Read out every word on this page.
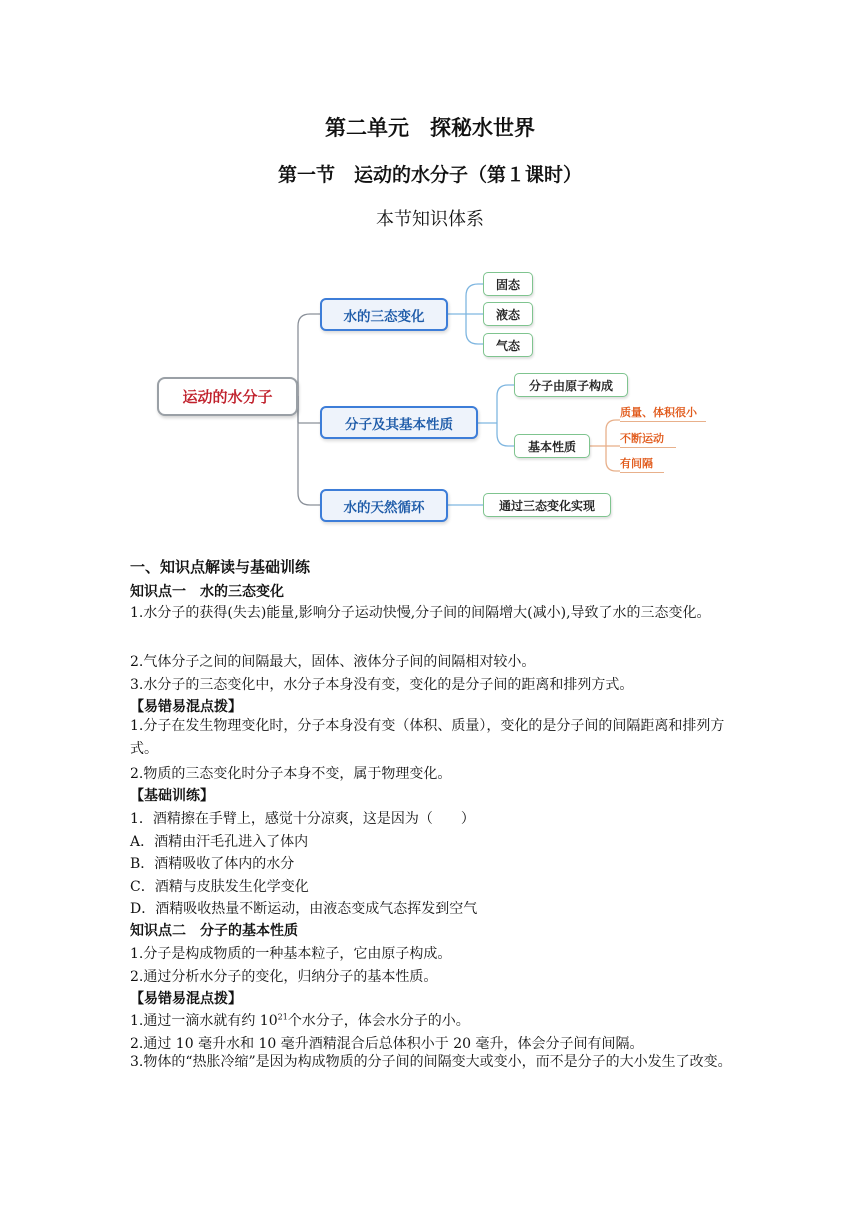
第二单元　探秘水世界
第一节　运动的水分子（第１课时）
本节知识体系
运动的水分子
水的三态变化
分子及其基本性质
水的天然循环
固态
液态
气态
分子由原子构成
基本性质
质量、体积很小
不断运动
有间隔
通过三态变化实现
一、知识点解读与基础训练
知识点一　水的三态变化
1.水分子的获得(失去)能量,影响分子运动快慢,分子间的间隔增大(减小),导致了水的三态变化。
2.气体分子之间的间隔最大，固体、液体分子间的间隔相对较小。
3.水分子的三态变化中，水分子本身没有变，变化的是分子间的距离和排列方式。
【易错易混点拨】
1.分子在发生物理变化时，分子本身没有变（体积、质量），变化的是分子间的间隔距离和排列方式。
2.物质的三态变化时分子本身不变，属于物理变化。
【基础训练】
1．酒精擦在手臂上，感觉十分凉爽，这是因为（　　）
A．酒精由汗毛孔进入了体内
B．酒精吸收了体内的水分
C．酒精与皮肤发生化学变化
D．酒精吸收热量不断运动，由液态变成气态挥发到空气
知识点二　分子的基本性质
1.分子是构成物质的一种基本粒子，它由原子构成。
2.通过分析水分子的变化，归纳分子的基本性质。
【易错易混点拨】
1.通过一滴水就有约 $10^{21}$个水分子，体会水分子的小。
2.通过 10 毫升水和 10 毫升酒精混合后总体积小于 20 毫升，体会分子间有间隔。
3.物体的“热胀冷缩”是因为构成物质的分子间的间隔变大或变小，而不是分子的大小发生了改变。
